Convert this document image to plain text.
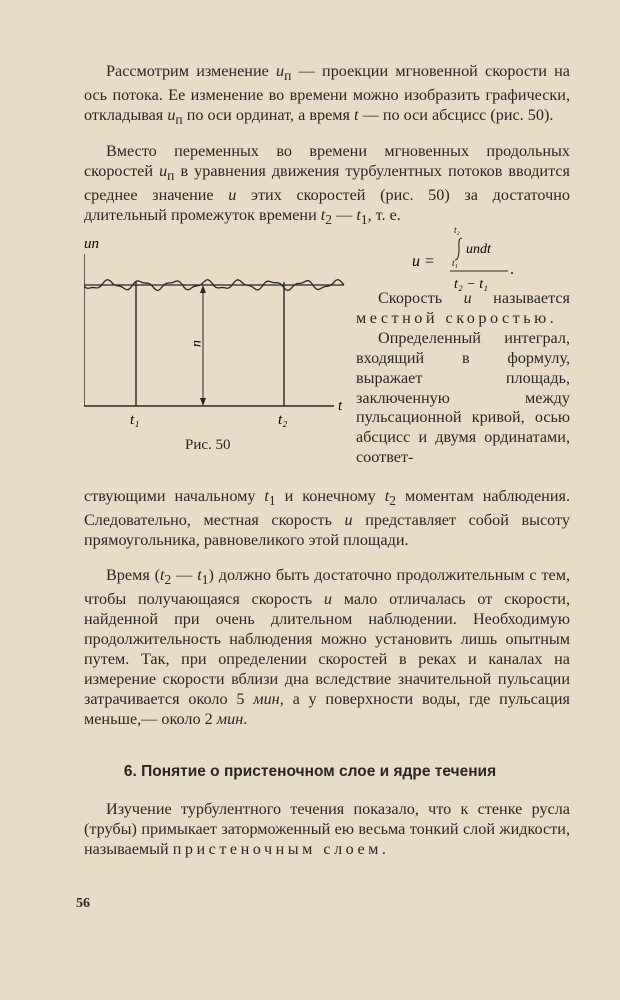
Рассмотрим изменение $u_п$ — проекции мгновенной скорости на ось потока. Ее изменение во времени можно изобразить графически, откладывая $u_п$ по оси ординат, а время t — по оси абсцисс (рис. 50).

Вместо переменных во времени мгновенных продольных скоростей $u_п$ в уравнения движения турбулентных потоков вводится среднее значение u этих скоростей (рис. 50) за достаточно длительный промежуток времени $t_2$ — $t_1$, т. е.

u =
t₂
t₁
uпdt
t₂ − t₁
.
uп
t
u
t₁	t₂
Рис. 50

Скорость u называется местной скоростью.

Определенный интеграл, входящий в формулу, выражает площадь, заключенную между пульсационной кривой, осью абсцисс и двумя ординатами, соответ-

ствующими начальному $t_1$ и конечному $t_2$ моментам наблюдения. Следовательно, местная скорость u представляет собой высоту прямоугольника, равновеликого этой площади.

Время ($t_2$ — $t_1$) должно быть достаточно продолжительным с тем, чтобы получающаяся скорость u мало отличалась от скорости, найденной при очень длительном наблюдении. Необходимую продолжительность наблюдения можно установить лишь опытным путем. Так, при определении скоростей в реках и каналах на измерение скорости вблизи дна вследствие значительной пульсации затрачивается около 5 мин, а у поверхности воды, где пульсация меньше,— около 2 мин.

6. Понятие о пристеночном слое и ядре течения

Изучение турбулентного течения показало, что к стенке русла (трубы) примыкает заторможенный ею весьма тонкий слой жидкости, называемый пристеночным слоем.

56
